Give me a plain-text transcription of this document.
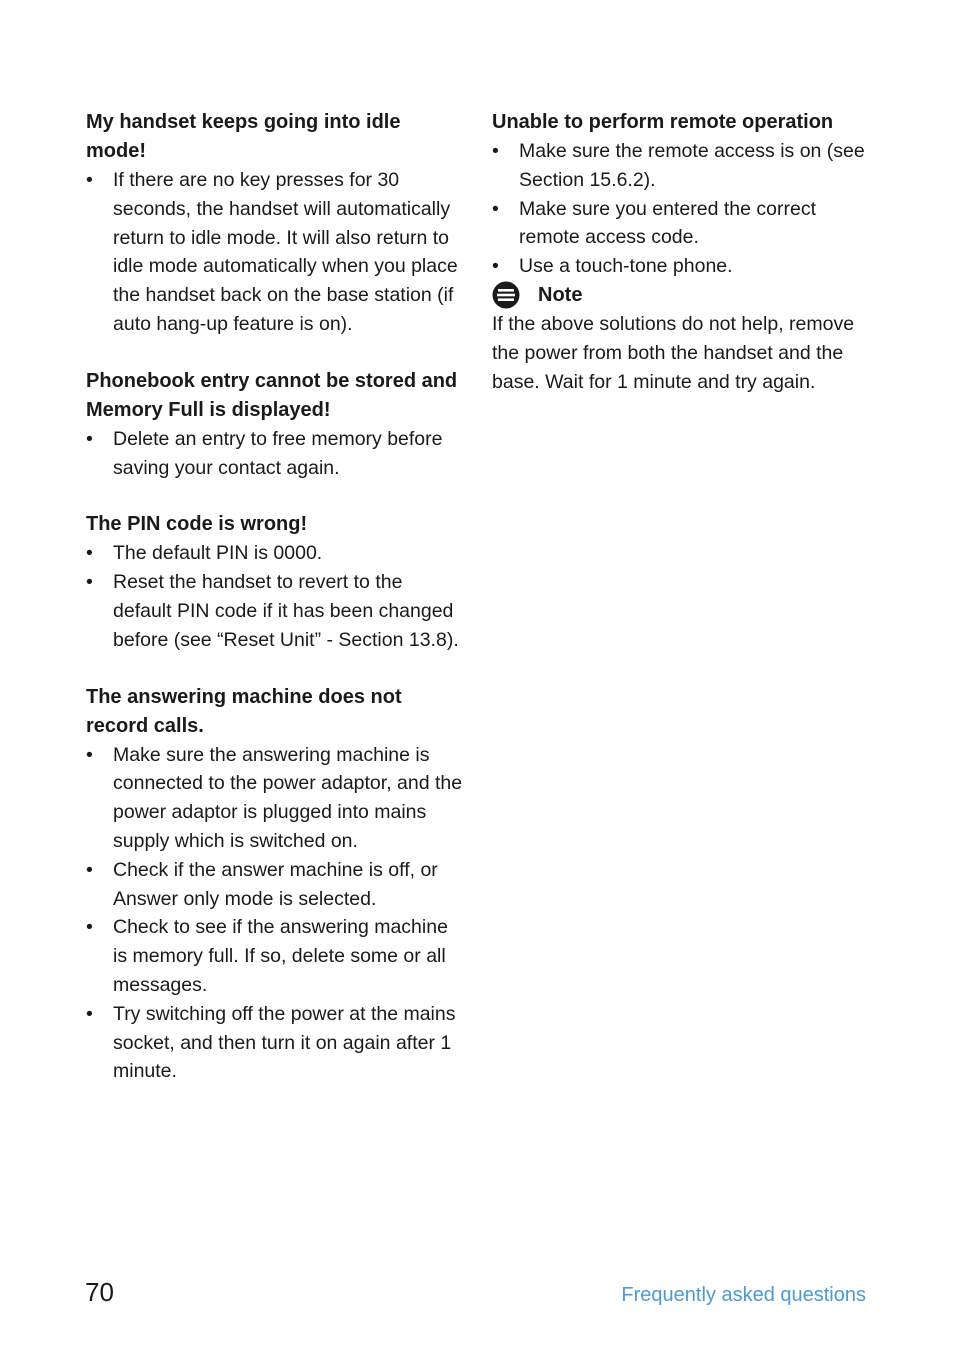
My handset keeps going into idle mode!

•	If there are no key presses for 30 seconds, the handset will automatically return to idle mode. It will also return to idle mode automatically when you place the handset back on the base station (if auto hang-up feature is on).

Phonebook entry cannot be stored and Memory Full is displayed!

•	Delete an entry to free memory before saving your contact again.

The PIN code is wrong!

•	The default PIN is 0000.
•	Reset the handset to revert to the default PIN code if it has been changed before (see “Reset Unit” - Section 13.8).

The answering machine does not record calls.

•	Make sure the answering machine is connected to the power adaptor, and the power adaptor is plugged into mains supply which is switched on.
•	Check if the answer machine is off, or Answer only mode is selected.
•	Check to see if the answering machine is memory full. If so, delete some or all messages.
•	Try switching off the power at the mains socket, and then turn it on again after 1 minute.

Unable to perform remote operation

•	Make sure the remote access is on (see Section 15.6.2).
•	Make sure you entered the correct remote access code.
•	Use a touch-tone phone.
Note

If the above solutions do not help, remove the power from both the handset and the base. Wait for 1 minute and try again.

70	Frequently asked questions
